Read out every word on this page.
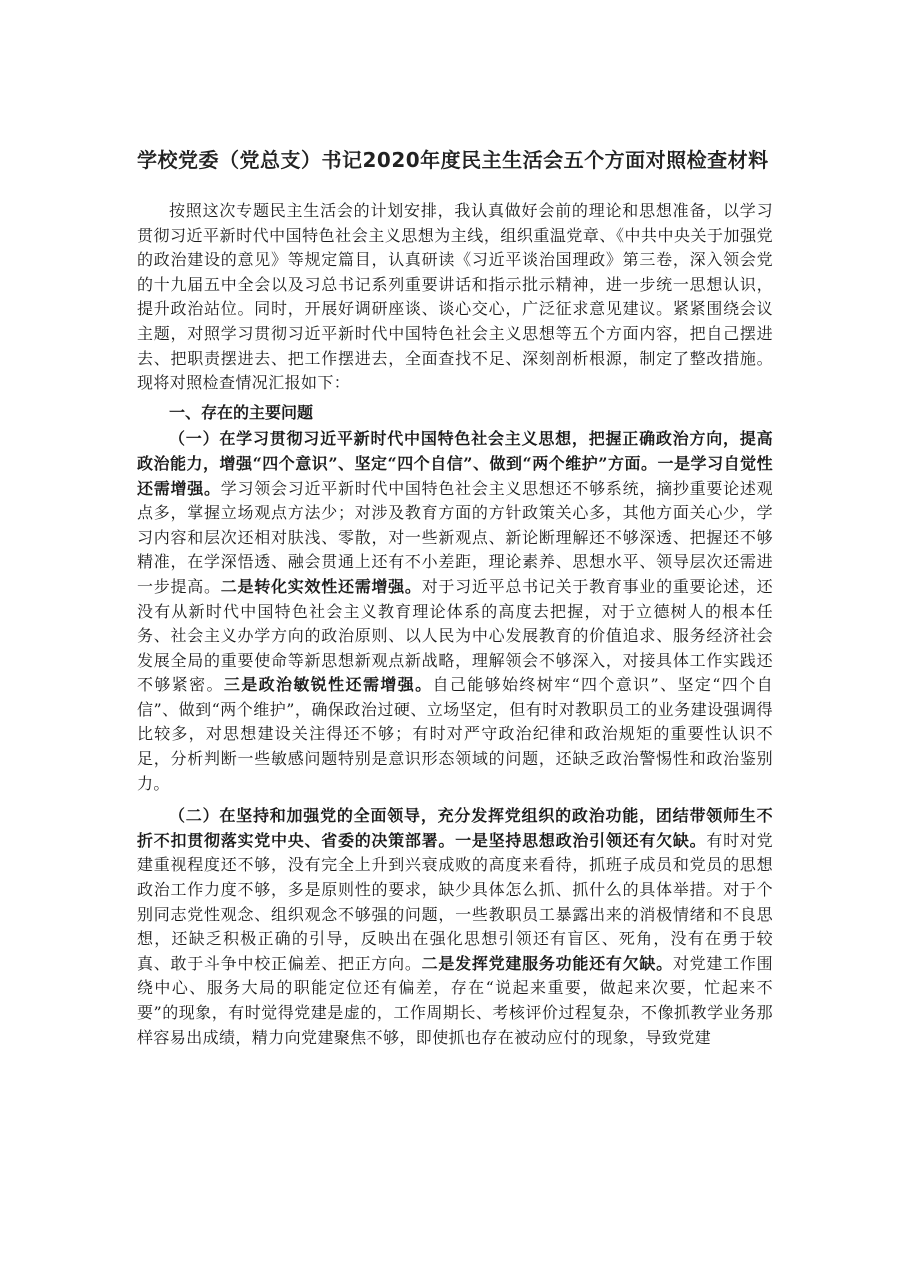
学校党委（党总支）书记2020年度民主生活会五个方面对照检查材料

按照这次专题民主生活会的计划安排，我认真做好会前的理论和思想准备，以学习贯彻习近平新时代中国特色社会主义思想为主线，组织重温党章、《中共中央关于加强党的政治建设的意见》等规定篇目，认真研读《习近平谈治国理政》第三卷，深入领会党的十九届五中全会以及习总书记系列重要讲话和指示批示精神，进一步统一思想认识，提升政治站位。同时，开展好调研座谈、谈心交心，广泛征求意见建议。紧紧围绕会议主题，对照学习贯彻习近平新时代中国特色社会主义思想等五个方面内容，把自己摆进去、把职责摆进去、把工作摆进去，全面查找不足、深刻剖析根源，制定了整改措施。现将对照检查情况汇报如下：

一、存在的主要问题

（一）在学习贯彻习近平新时代中国特色社会主义思想，把握正确政治方向，提高政治能力，增强“四个意识”、坚定“四个自信”、做到“两个维护”方面。一是学习自觉性还需增强。学习领会习近平新时代中国特色社会主义思想还不够系统，摘抄重要论述观点多，掌握立场观点方法少；对涉及教育方面的方针政策关心多，其他方面关心少，学习内容和层次还相对肤浅、零散，对一些新观点、新论断理解还不够深透、把握还不够精准，在学深悟透、融会贯通上还有不小差距，理论素养、思想水平、领导层次还需进一步提高。二是转化实效性还需增强。对于习近平总书记关于教育事业的重要论述，还没有从新时代中国特色社会主义教育理论体系的高度去把握，对于立德树人的根本任务、社会主义办学方向的政治原则、以人民为中心发展教育的价值追求、服务经济社会发展全局的重要使命等新思想新观点新战略，理解领会不够深入，对接具体工作实践还不够紧密。三是政治敏锐性还需增强。自己能够始终树牢“四个意识”、坚定“四个自信”、做到“两个维护”，确保政治过硬、立场坚定，但有时对教职员工的业务建设强调得比较多，对思想建设关注得还不够；有时对严守政治纪律和政治规矩的重要性认识不足，分析判断一些敏感问题特别是意识形态领域的问题，还缺乏政治警惕性和政治鉴别力。

（二）在坚持和加强党的全面领导，充分发挥党组织的政治功能，团结带领师生不折不扣贯彻落实党中央、省委的决策部署。一是坚持思想政治引领还有欠缺。有时对党建重视程度还不够，没有完全上升到兴衰成败的高度来看待，抓班子成员和党员的思想政治工作力度不够，多是原则性的要求，缺少具体怎么抓、抓什么的具体举措。对于个别同志党性观念、组织观念不够强的问题，一些教职员工暴露出来的消极情绪和不良思想，还缺乏积极正确的引导，反映出在强化思想引领还有盲区、死角，没有在勇于较真、敢于斗争中校正偏差、把正方向。二是发挥党建服务功能还有欠缺。对党建工作围绕中心、服务大局的职能定位还有偏差，存在“说起来重要，做起来次要，忙起来不要”的现象，有时觉得党建是虚的，工作周期长、考核评价过程复杂，不像抓教学业务那样容易出成绩，精力向党建聚焦不够，即使抓也存在被动应付的现象，导致党建
